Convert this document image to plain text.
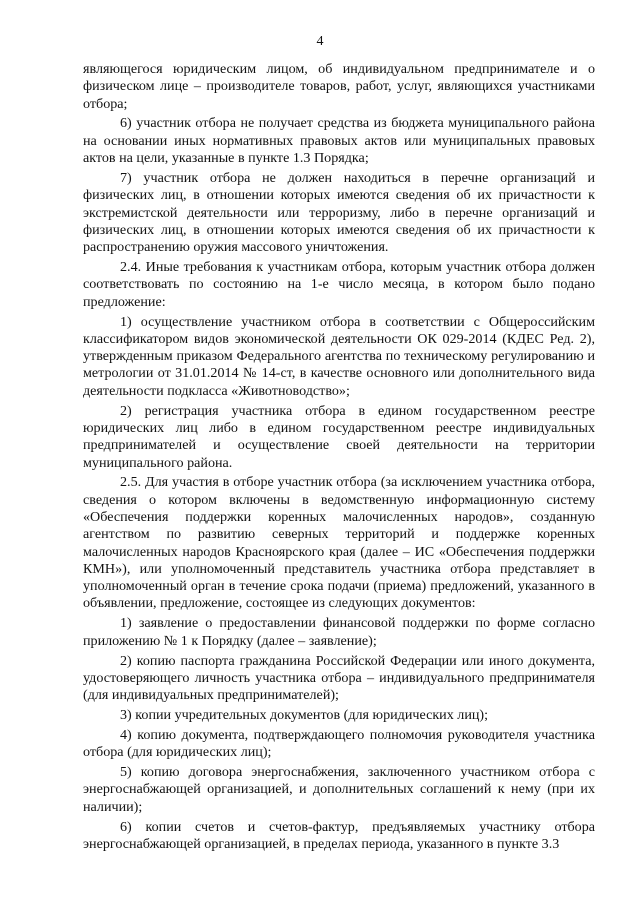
4

являющегося юридическим лицом, об индивидуальном предпринимателе и о физическом лице – производителе товаров, работ, услуг, являющихся участниками отбора;

6) участник отбора не получает средства из бюджета муниципального района на основании иных нормативных правовых актов или муниципальных правовых актов на цели, указанные в пункте 1.3 Порядка;

7) участник отбора не должен находиться в перечне организаций и физических лиц, в отношении которых имеются сведения об их причастности к экстремистской деятельности или терроризму, либо в перечне организаций и физических лиц, в отношении которых имеются сведения об их причастности к распространению оружия массового уничтожения.

2.4. Иные требования к участникам отбора, которым участник отбора должен соответствовать по состоянию на 1-е число месяца, в котором было подано предложение:

1) осуществление участником отбора в соответствии с Общероссийским классификатором видов экономической деятельности ОК 029-2014 (КДЕС Ред. 2), утвержденным приказом Федерального агентства по техническому регулированию и метрологии от 31.01.2014 № 14-ст, в качестве основного или дополнительного вида деятельности подкласса «Животноводство»;

2) регистрация участника отбора в едином государственном реестре юридических лиц либо в едином государственном реестре индивидуальных предпринимателей и осуществление своей деятельности на территории муниципального района.

2.5. Для участия в отборе участник отбора (за исключением участника отбора, сведения о котором включены в ведомственную информационную систему «Обеспечения поддержки коренных малочисленных народов», созданную агентством по развитию северных территорий и поддержке коренных малочисленных народов Красноярского края (далее – ИС «Обеспечения поддержки КМН»), или уполномоченный представитель участника отбора представляет в уполномоченный орган в течение срока подачи (приема) предложений, указанного в объявлении, предложение, состоящее из следующих документов:

1) заявление о предоставлении финансовой поддержки по форме согласно приложению № 1 к Порядку (далее – заявление);

2) копию паспорта гражданина Российской Федерации или иного документа, удостоверяющего личность участника отбора – индивидуального предпринимателя (для индивидуальных предпринимателей);

3) копии учредительных документов (для юридических лиц);

4) копию документа, подтверждающего полномочия руководителя участника отбора (для юридических лиц);

5) копию договора энергоснабжения, заключенного участником отбора с энергоснабжающей организацией, и дополнительных соглашений к нему (при их наличии);

6) копии счетов и счетов-фактур, предъявляемых участнику отбора энергоснабжающей организацией, в пределах периода, указанного в пункте 3.3
